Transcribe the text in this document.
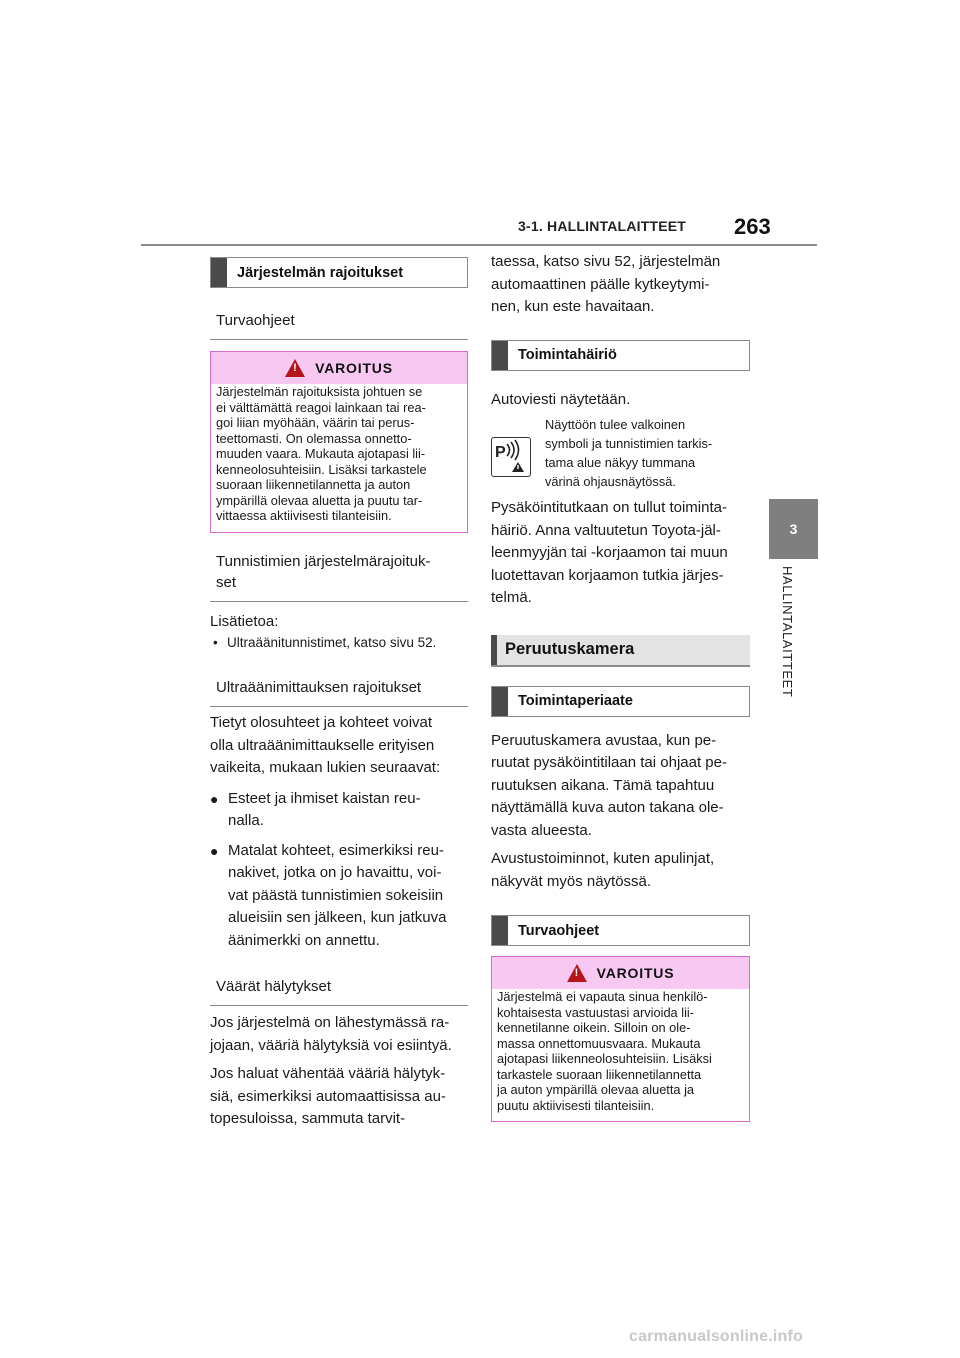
3-1. HALLINTALAITTEET 263
3
HALLINTALAITTEET
Järjestelmän rajoitukset
Turvaohjeet
!
VAROITUS
Järjestelmän rajoituksista johtuen se
ei välttämättä reagoi lainkaan tai rea-
goi liian myöhään, väärin tai perus-
teettomasti. On olemassa onnetto-
muuden vaara. Mukauta ajotapasi lii-
kenneolosuhteisiin. Lisäksi tarkastele
suoraan liikennetilannetta ja auton
ympärillä olevaa aluetta ja puutu tar-
vittaessa aktiivisesti tilanteisiin.
Tunnistimien järjestelmärajoituk-
set
Lisätietoa:
• Ultraäänitunnistimet, katso sivu 52.
Ultraäänimittauksen rajoitukset
Tietyt olosuhteet ja kohteet voivat
olla ultraäänimittaukselle erityisen
vaikeita, mukaan lukien seuraavat:
● Esteet ja ihmiset kaistan reu-
nalla.
● Matalat kohteet, esimerkiksi reu-
nakivet, jotka on jo havaittu, voi-
vat päästä tunnistimien sokeisiin
alueisiin sen jälkeen, kun jatkuva
äänimerkki on annettu.
Väärät hälytykset
Jos järjestelmä on lähestymässä ra-
jojaan, vääriä hälytyksiä voi esiintyä.
Jos haluat vähentää vääriä hälytyk-
siä, esimerkiksi automaattisissa au-
topesuloissa, sammuta tarvit-
taessa, katso sivu 52, järjestelmän
automaattinen päälle kytkeytymi-
nen, kun este havaitaan.
Toimintahäiriö
Autoviesti näytetään.
P
Näyttöön tulee valkoinen
symboli ja tunnistimien tarkis-
tama alue näkyy tummana
värinä ohjausnäytössä.
Pysäköintitutkaan on tullut toiminta-
häiriö. Anna valtuutetun Toyota-jäl-
leenmyyjän tai -korjaamon tai muun
luotettavan korjaamon tutkia järjes-
telmä.
Peruutuskamera
Toimintaperiaate
Peruutuskamera avustaa, kun pe-
ruutat pysäköintitilaan tai ohjaat pe-
ruutuksen aikana. Tämä tapahtuu
näyttämällä kuva auton takana ole-
vasta alueesta.
Avustustoiminnot, kuten apulinjat,
näkyvät myös näytössä.
Turvaohjeet
!
VAROITUS
Järjestelmä ei vapauta sinua henkilö-
kohtaisesta vastuustasi arvioida lii-
kennetilanne oikein. Silloin on ole-
massa onnettomuusvaara. Mukauta
ajotapasi liikenneolosuhteisiin. Lisäksi
tarkastele suoraan liikennetilannetta
ja auton ympärillä olevaa aluetta ja
puutu aktiivisesti tilanteisiin.
carmanualsonline.info
